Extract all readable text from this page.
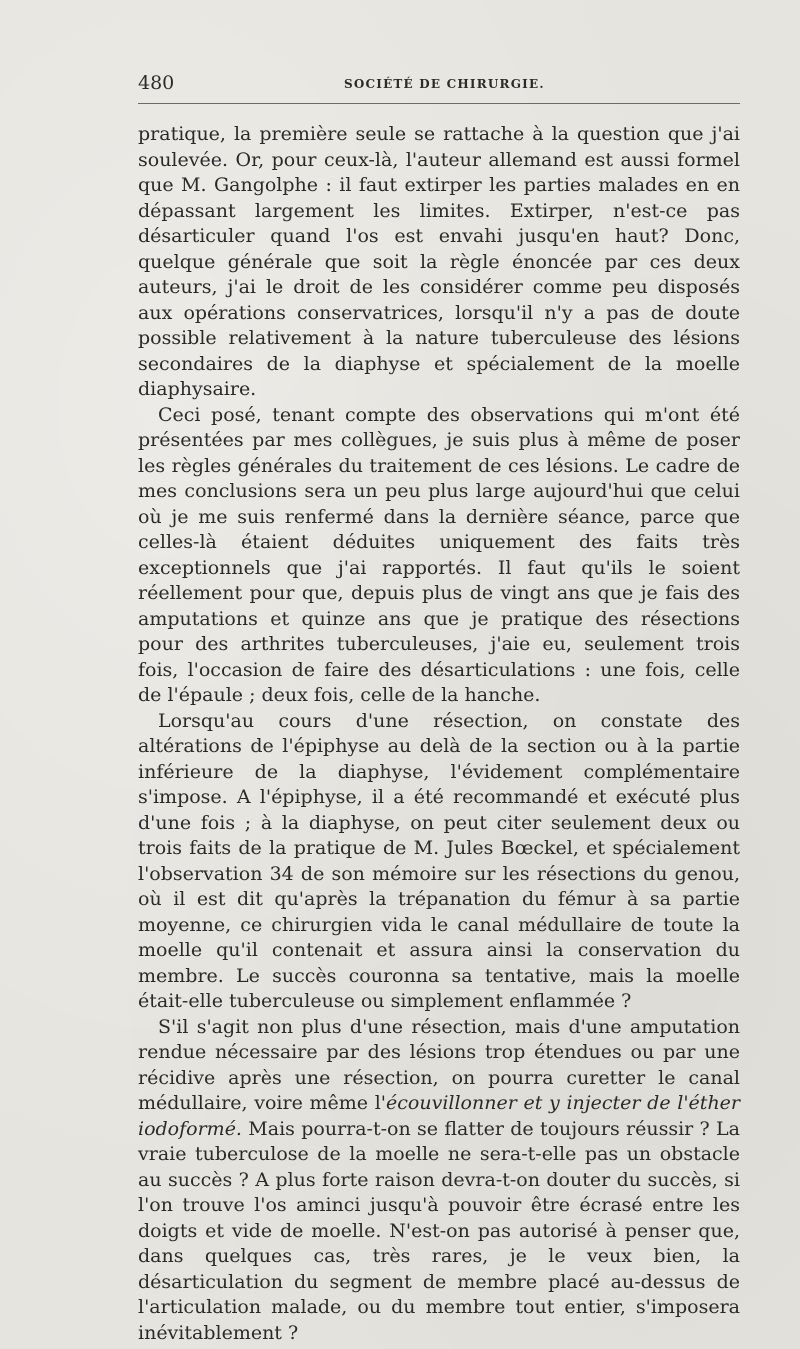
480	SOCIÉTÉ DE CHIRURGIE.

pratique, la première seule se rattache à la question que j'ai soulevée. Or, pour ceux-là, l'auteur allemand est aussi formel que M. Gangolphe : il faut extirper les parties malades en en dépassant largement les limites. Extirper, n'est-ce pas désarticuler quand l'os est envahi jusqu'en haut? Donc, quelque générale que soit la règle énoncée par ces deux auteurs, j'ai le droit de les considérer comme peu disposés aux opérations conservatrices, lorsqu'il n'y a pas de doute possible relativement à la nature tuberculeuse des lésions secondaires de la diaphyse et spécialement de la moelle diaphysaire.

Ceci posé, tenant compte des observations qui m'ont été présentées par mes collègues, je suis plus à même de poser les règles générales du traitement de ces lésions. Le cadre de mes conclusions sera un peu plus large aujourd'hui que celui où je me suis renfermé dans la dernière séance, parce que celles-là étaient déduites uniquement des faits très exceptionnels que j'ai rapportés. Il faut qu'ils le soient réellement pour que, depuis plus de vingt ans que je fais des amputations et quinze ans que je pratique des résections pour des arthrites tuberculeuses, j'aie eu, seulement trois fois, l'occasion de faire des désarticulations : une fois, celle de l'épaule ; deux fois, celle de la hanche.

Lorsqu'au cours d'une résection, on constate des altérations de l'épiphyse au delà de la section ou à la partie inférieure de la diaphyse, l'évidement complémentaire s'impose. A l'épiphyse, il a été recommandé et exécuté plus d'une fois ; à la diaphyse, on peut citer seulement deux ou trois faits de la pratique de M. Jules Bœckel, et spécialement l'observation 34 de son mémoire sur les résections du genou, où il est dit qu'après la trépanation du fémur à sa partie moyenne, ce chirurgien vida le canal médullaire de toute la moelle qu'il contenait et assura ainsi la conservation du membre. Le succès couronna sa tentative, mais la moelle était-elle tuberculeuse ou simplement enflammée ?

S'il s'agit non plus d'une résection, mais d'une amputation rendue nécessaire par des lésions trop étendues ou par une récidive après une résection, on pourra curetter le canal médullaire, voire même l'écouvillonner et y injecter de l'éther iodoformé. Mais pourra-t-on se flatter de toujours réussir ? La vraie tuberculose de la moelle ne sera-t-elle pas un obstacle au succès ? A plus forte raison devra-t-on douter du succès, si l'on trouve l'os aminci jusqu'à pouvoir être écrasé entre les doigts et vide de moelle. N'est-on pas autorisé à penser que, dans quelques cas, très rares, je le veux bien, la désarticulation du segment de membre placé au-dessus de l'articulation malade, ou du membre tout entier, s'imposera inévitablement ?
